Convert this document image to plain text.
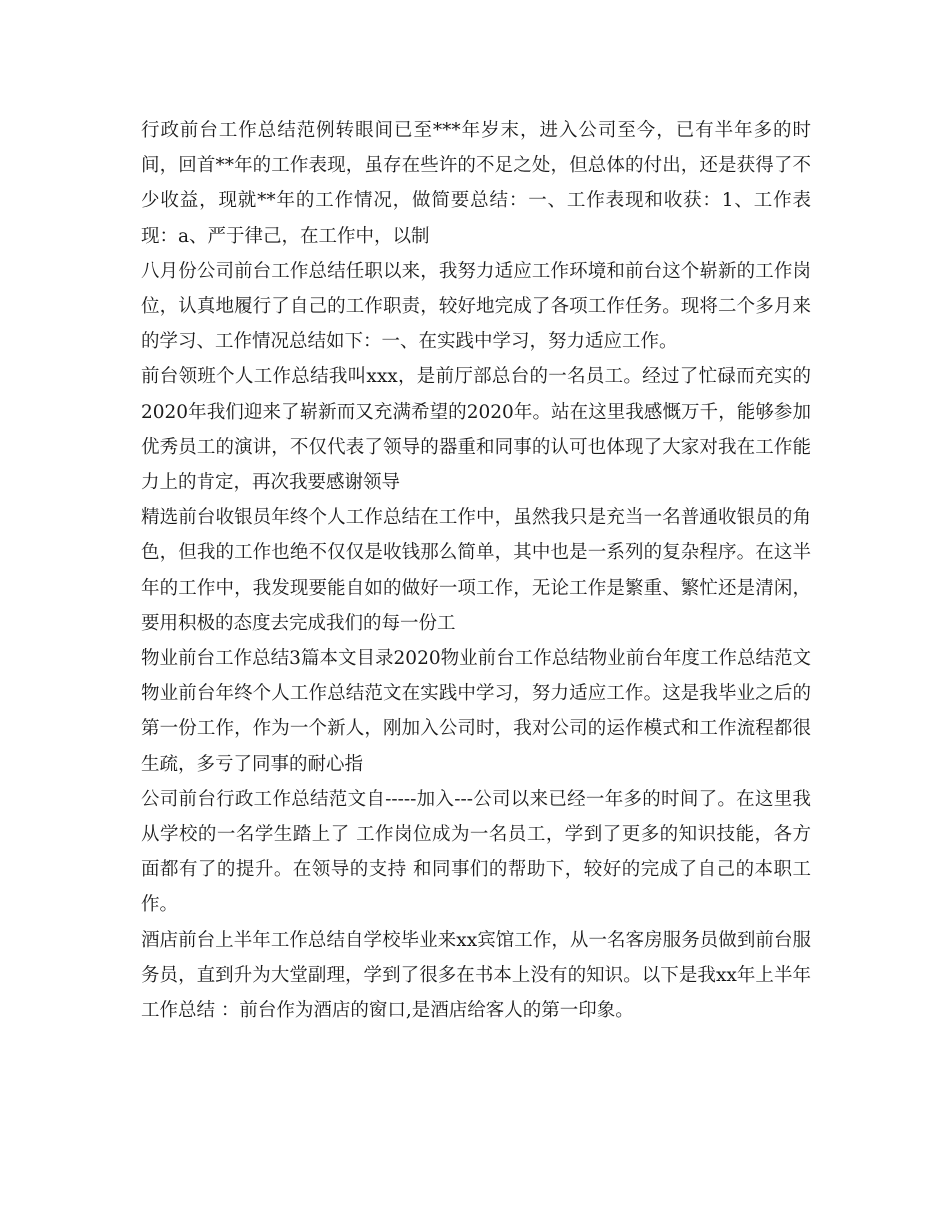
行政前台工作总结范例转眼间已至***年岁末，进入公司至今，已有半年多的时间，回首**年的工作表现，虽存在些许的不足之处，但总体的付出，还是获得了不少收益，现就**年的工作情况，做简要总结：一、工作表现和收获：1、工作表现：a、严于律己，在工作中，以制

八月份公司前台工作总结任职以来，我努力适应工作环境和前台这个崭新的工作岗位，认真地履行了自己的工作职责，较好地完成了各项工作任务。现将二个多月来的学习、工作情况总结如下：一、在实践中学习，努力适应工作。

前台领班个人工作总结我叫xxx，是前厅部总台的一名员工。经过了忙碌而充实的2020年我们迎来了崭新而又充满希望的2020年。站在这里我感慨万千，能够参加优秀员工的演讲，不仅代表了领导的器重和同事的认可也体现了大家对我在工作能力上的肯定，再次我要感谢领导

精选前台收银员年终个人工作总结在工作中，虽然我只是充当一名普通收银员的角色，但我的工作也绝不仅仅是收钱那么简单，其中也是一系列的复杂程序。在这半年的工作中，我发现要能自如的做好一项工作，无论工作是繁重、繁忙还是清闲，要用积极的态度去完成我们的每一份工

物业前台工作总结3篇本文目录2020物业前台工作总结物业前台年度工作总结范文物业前台年终个人工作总结范文在实践中学习，努力适应工作。这是我毕业之后的第一份工作，作为一个新人，刚加入公司时，我对公司的运作模式和工作流程都很生疏，多亏了同事的耐心指

公司前台行政工作总结范文自-----加入---公司以来已经一年多的时间了。在这里我从学校的一名学生踏上了 工作岗位成为一名员工，学到了更多的知识技能，各方面都有了的提升。在领导的支持 和同事们的帮助下，较好的完成了自己的本职工作。

酒店前台上半年工作总结自学校毕业来xx宾馆工作，从一名客房服务员做到前台服务员，直到升为大堂副理，学到了很多在书本上没有的知识。以下是我xx年上半年工作总结 ：前台作为酒店的窗口,是酒店给客人的第一印象。
